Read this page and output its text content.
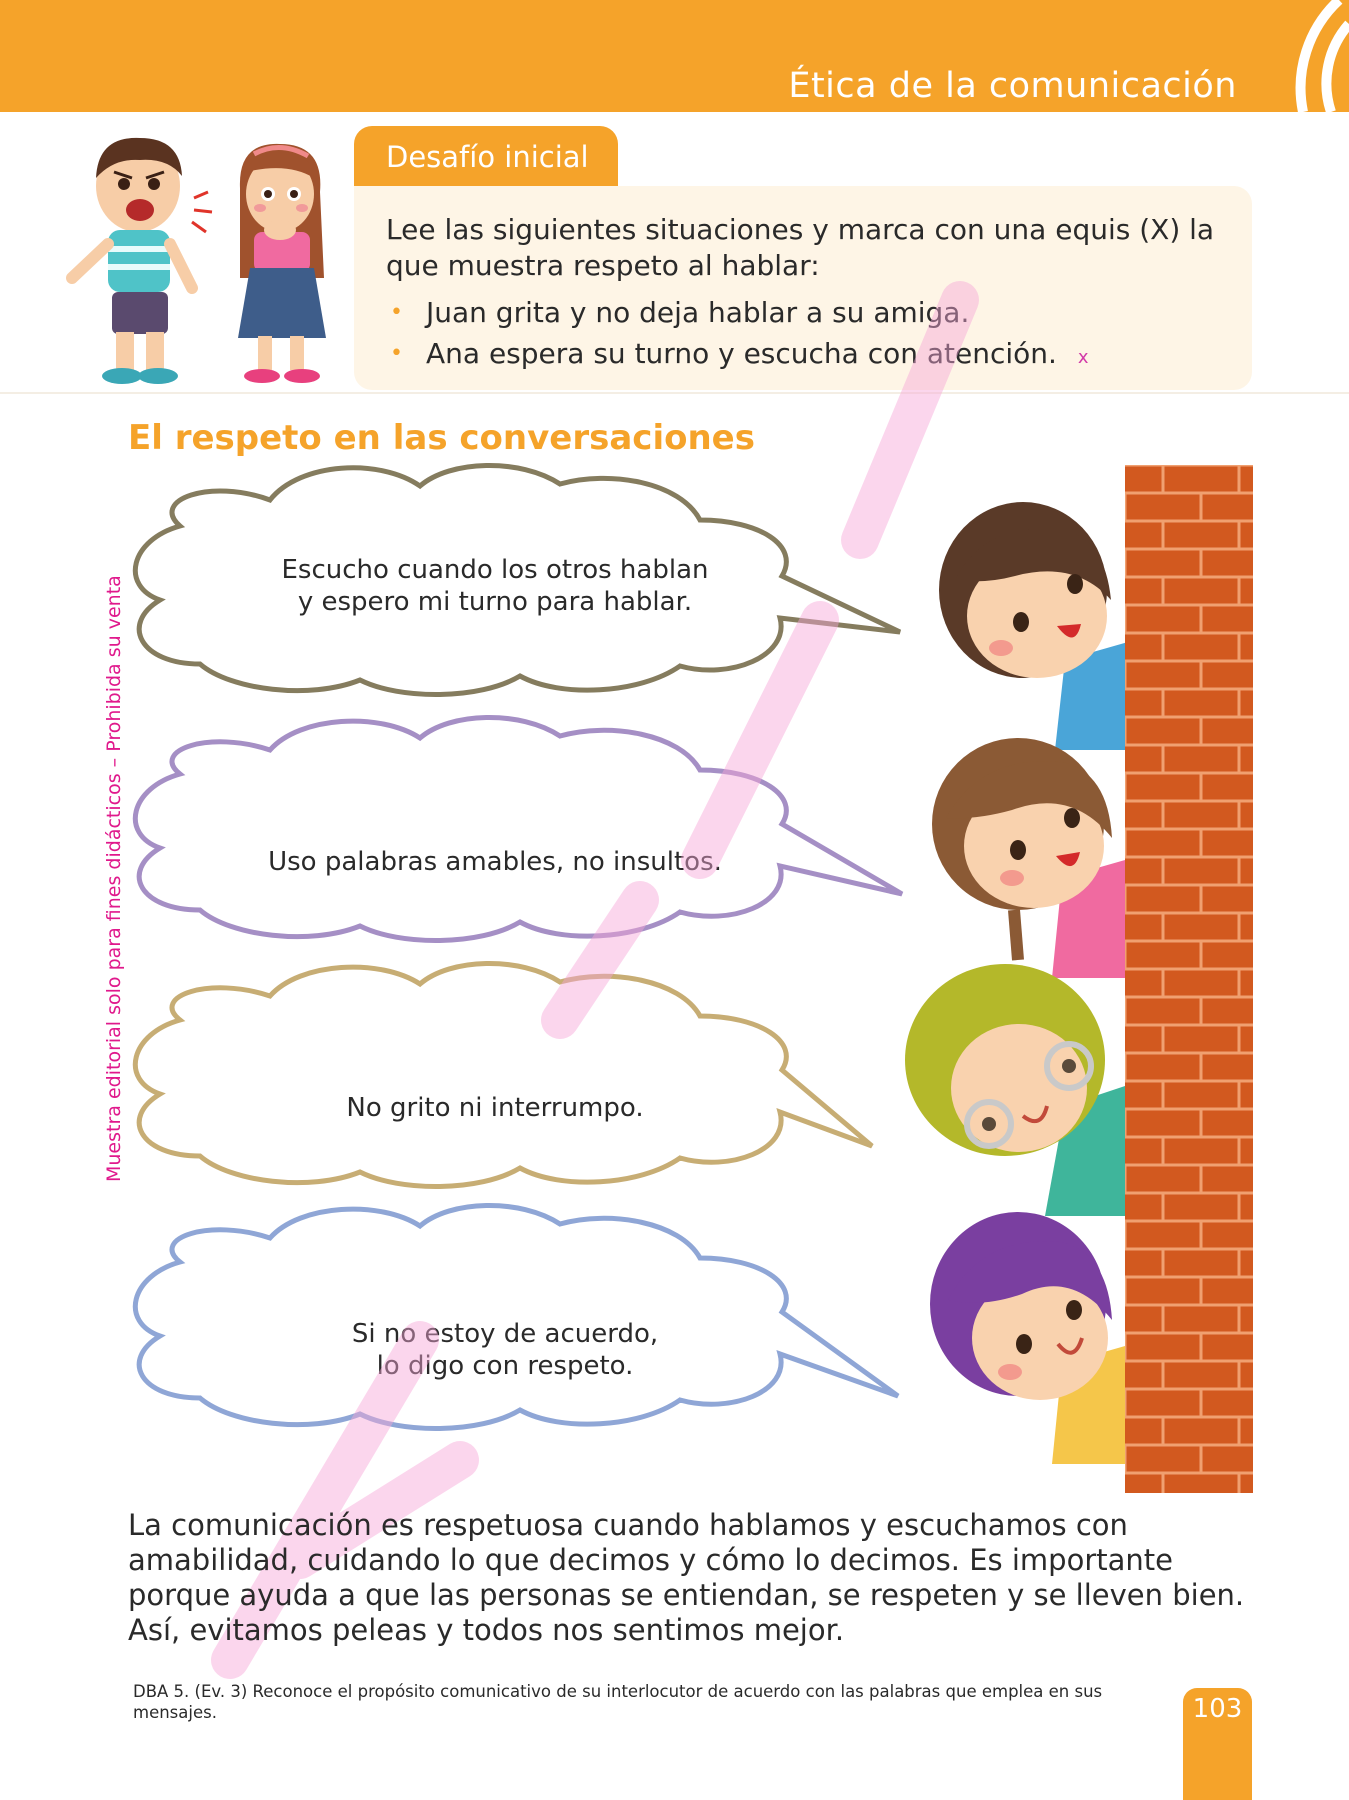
Ética de la comunicación
Desafío inicial

Lee las siguientes situaciones y marca con una equis (X) la que muestra respeto al hablar:

• Juan grita y no deja hablar a su amiga.
• Ana espera su turno y escucha con atención. x
El respeto en las conversaciones
Escucho cuando los otros hablan
y espero mi turno para hablar.
Uso palabras amables, no insultos.
No grito ni interrumpo.
Si no estoy de acuerdo,
lo digo con respeto.
Muestra editorial solo para fines didácticos – Prohibida su venta

La comunicación es respetuosa cuando hablamos y escuchamos con amabilidad, cuidando lo que decimos y cómo lo decimos. Es importante porque ayuda a que las personas se entiendan, se respeten y se lleven bien. Así, evitamos peleas y todos nos sentimos mejor.

DBA 5. (Ev. 3) Reconoce el propósito comunicativo de su interlocutor de acuerdo con las palabras que emplea en sus mensajes.	103
